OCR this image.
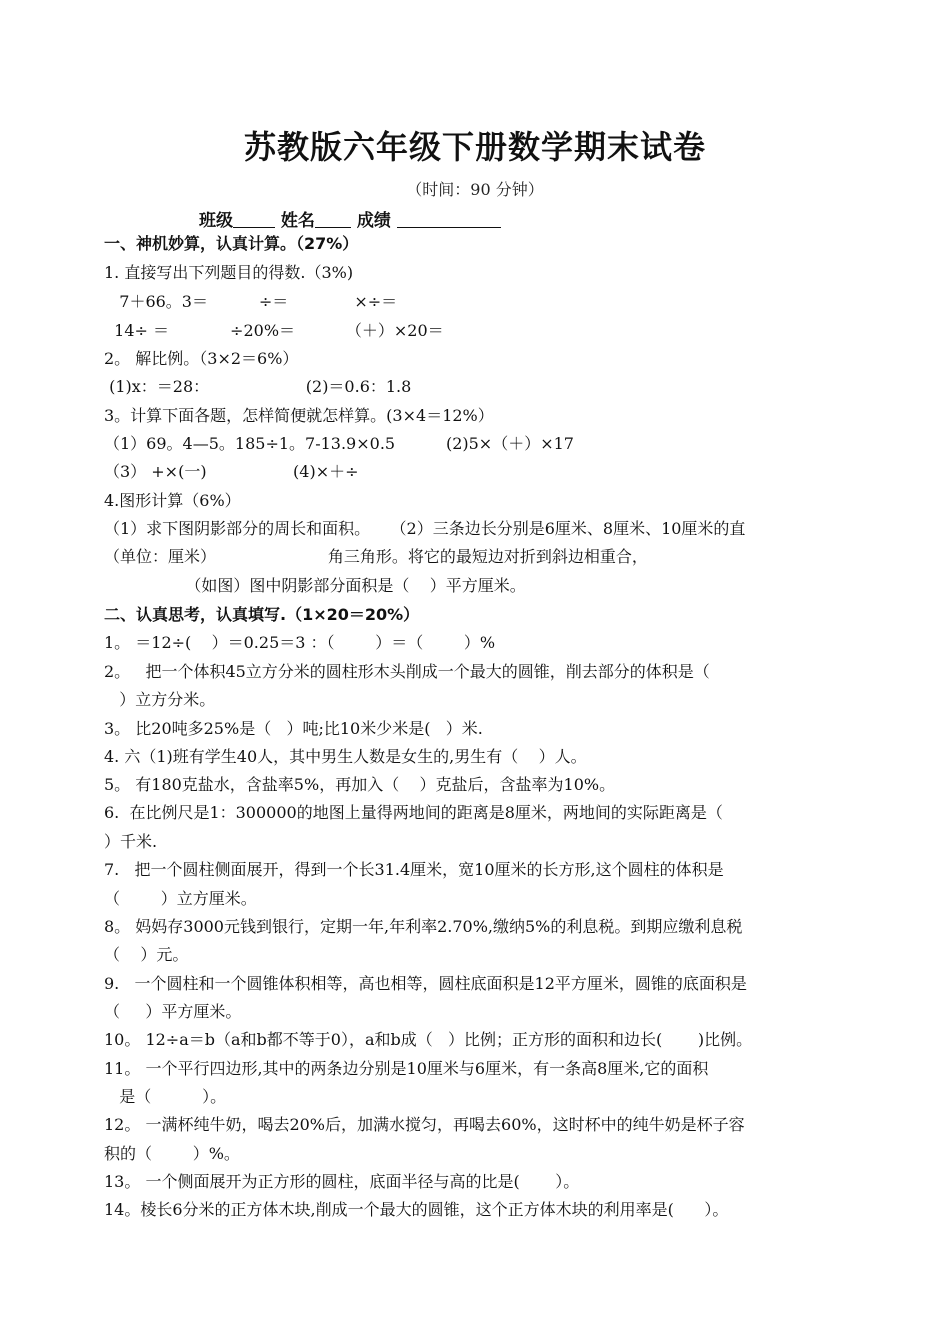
苏教版六年级下册数学期末试卷
（时间：90 分钟）
班级	姓名 成绩
一、神机妙算，认真计算。（27%）
1. 直接写出下列题目的得数.（3%)
7＋66。3＝          ÷＝             ×÷＝
14÷ ＝            ÷20%＝          （＋）×20＝
2。 解比例。（3×2＝6%）
(1)x：＝28：                   (2)＝0.6：1.8
3。计算下面各题，怎样简便就怎样算。(3×4＝12%）
（1）69。4—5。185÷1。7-13.9×0.5          (2)5×（＋）×17
（3） +×(一)                 (4)×＋÷
4.图形计算（6%）
（1）求下图阴影部分的周长和面积。    （2）三条边长分别是6厘米、8厘米、10厘米的直
（单位：厘米）                      角三角形。将它的最短边对折到斜边相重合，
（如图）图中阴影部分面积是（    ）平方厘米。
二、认真思考，认真填写.（1×20＝20%）
1。 ＝12÷(    ）＝0.25＝3 ：（        ）＝（        ）%
2。   把一个体积45立方分米的圆柱形木头削成一个最大的圆锥，削去部分的体积是（
）立方分米。
3。 比20吨多25%是（   ）吨;比10米少米是(   ）米.
4. 六（1)班有学生40人，其中男生人数是女生的,男生有（    ）人。
5。 有180克盐水，含盐率5%，再加入（    ）克盐后，含盐率为10%。
6.  在比例尺是1：300000的地图上量得两地间的距离是8厘米，两地间的实际距离是（
）千米.
7.   把一个圆柱侧面展开，得到一个长31.4厘米，宽10厘米的长方形,这个圆柱的体积是
（        ）立方厘米。
8。 妈妈存3000元钱到银行，定期一年,年利率2.70%,缴纳5%的利息税。到期应缴利息税
（    ）元。
9.   一个圆柱和一个圆锥体积相等，高也相等，圆柱底面积是12平方厘米，圆锥的底面积是
（     ）平方厘米。
10。 12÷a＝b（a和b都不等于0），a和b成（   ）比例；正方形的面积和边长(       )比例。
11。 一个平行四边形,其中的两条边分别是10厘米与6厘米，有一条高8厘米,它的面积
是（          ）。
12。 一满杯纯牛奶，喝去20%后，加满水搅匀，再喝去60%，这时杯中的纯牛奶是杯子容
积的（        ）%。
13。 一个侧面展开为正方形的圆柱，底面半径与高的比是(       ）。
14。棱长6分米的正方体木块,削成一个最大的圆锥，这个正方体木块的利用率是(      ）。
